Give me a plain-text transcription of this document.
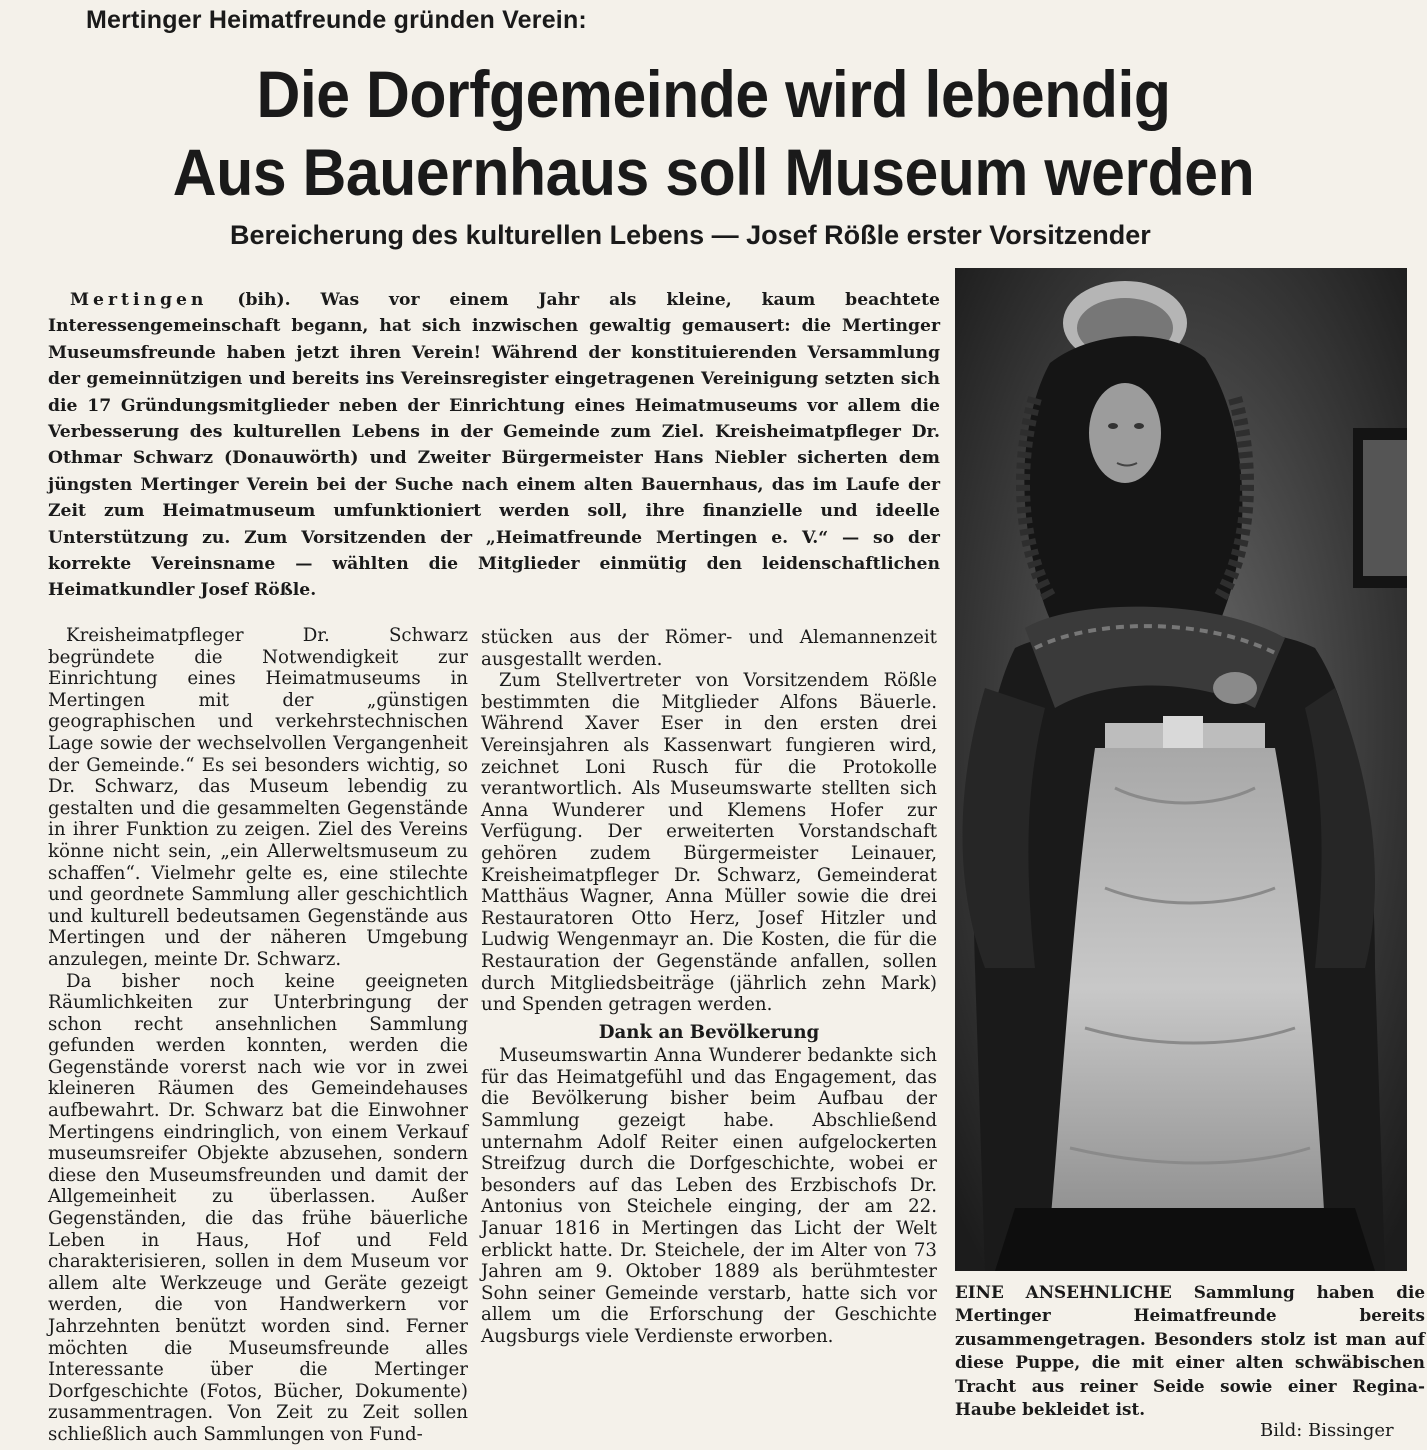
Mertinger Heimatfreunde gründen Verein:
Die Dorfgemeinde wird lebendig
Aus Bauernhaus soll Museum werden
Bereicherung des kulturellen Lebens — Josef Rößle erster Vorsitzender

Mertingen (bih). Was vor einem Jahr als kleine, kaum beachtete Interessengemeinschaft begann, hat sich inzwischen gewaltig gemausert: die Mertinger Museumsfreunde haben jetzt ihren Verein! Während der konstituierenden Versammlung der gemeinnützigen und bereits ins Vereinsregister eingetragenen Vereinigung setzten sich die 17 Gründungsmitglieder neben der Einrichtung eines Heimatmuseums vor allem die Verbesserung des kulturellen Lebens in der Gemeinde zum Ziel. Kreisheimatpfleger Dr. Othmar Schwarz (Donauwörth) und Zweiter Bürgermeister Hans Niebler sicherten dem jüngsten Mertinger Verein bei der Suche nach einem alten Bauernhaus, das im Laufe der Zeit zum Heimatmuseum umfunktioniert werden soll, ihre finanzielle und ideelle Unterstützung zu. Zum Vorsitzenden der „Heimatfreunde Mertingen e. V.“ — so der korrekte Vereinsname — wählten die Mitglieder einmütig den leidenschaftlichen Heimatkundler Josef Rößle.

Kreisheimatpfleger Dr. Schwarz begründete die Notwendigkeit zur Einrichtung eines Heimatmuseums in Mertingen mit der „günstigen geographischen und verkehrstechnischen Lage sowie der wechselvollen Vergangenheit der Gemeinde.“ Es sei besonders wichtig, so Dr. Schwarz, das Museum lebendig zu gestalten und die gesammelten Gegenstände in ihrer Funktion zu zeigen. Ziel des Vereins könne nicht sein, „ein Allerweltsmuseum zu schaffen“. Vielmehr gelte es, eine stilechte und geordnete Sammlung aller geschichtlich und kulturell bedeutsamen Gegenstände aus Mertingen und der näheren Umgebung anzulegen, meinte Dr. Schwarz.

Da bisher noch keine geeigneten Räumlichkeiten zur Unterbringung der schon recht ansehnlichen Sammlung gefunden werden konnten, werden die Gegenstände vorerst nach wie vor in zwei kleineren Räumen des Gemeindehauses aufbewahrt. Dr. Schwarz bat die Einwohner Mertingens eindringlich, von einem Verkauf museumsreifer Objekte abzusehen, sondern diese den Museumsfreunden und damit der Allgemeinheit zu überlassen. Außer Gegenständen, die das frühe bäuerliche Leben in Haus, Hof und Feld charakterisieren, sollen in dem Museum vor allem alte Werkzeuge und Geräte gezeigt werden, die von Handwerkern vor Jahrzehnten benützt worden sind. Ferner möchten die Museumsfreunde alles Interessante über die Mertinger Dorfgeschichte (Fotos, Bücher, Dokumente) zusammentragen. Von Zeit zu Zeit sollen schließlich auch Sammlungen von Fund-

stücken aus der Römer- und Alemannenzeit ausgestallt werden.

Zum Stellvertreter von Vorsitzendem Rößle bestimmten die Mitglieder Alfons Bäuerle. Während Xaver Eser in den ersten drei Vereinsjahren als Kassenwart fungieren wird, zeichnet Loni Rusch für die Protokolle verantwortlich. Als Museumswarte stellten sich Anna Wunderer und Klemens Hofer zur Verfügung. Der erweiterten Vorstandschaft gehören zudem Bürgermeister Leinauer, Kreisheimatpfleger Dr. Schwarz, Gemeinderat Matthäus Wagner, Anna Müller sowie die drei Restauratoren Otto Herz, Josef Hitzler und Ludwig Wengenmayr an. Die Kosten, die für die Restauration der Gegenstände anfallen, sollen durch Mitgliedsbeiträge (jährlich zehn Mark) und Spenden getragen werden.

Dank an Bevölkerung

Museumswartin Anna Wunderer bedankte sich für das Heimatgefühl und das Engagement, das die Bevölkerung bisher beim Aufbau der Sammlung gezeigt habe. Abschließend unternahm Adolf Reiter einen aufgelockerten Streifzug durch die Dorfgeschichte, wobei er besonders auf das Leben des Erzbischofs Dr. Antonius von Steichele einging, der am 22. Januar 1816 in Mertingen das Licht der Welt erblickt hatte. Dr. Steichele, der im Alter von 73 Jahren am 9. Oktober 1889 als berühmtester Sohn seiner Gemeinde verstarb, hatte sich vor allem um die Erforschung der Geschichte Augsburgs viele Verdienste erworben.

EINE ANSEHNLICHE Sammlung haben die Mertinger Heimatfreunde bereits zusammengetragen. Besonders stolz ist man auf diese Puppe, die mit einer alten schwäbischen Tracht aus reiner Seide sowie einer Regina-Haube bekleidet ist.

Bild: Bissinger
